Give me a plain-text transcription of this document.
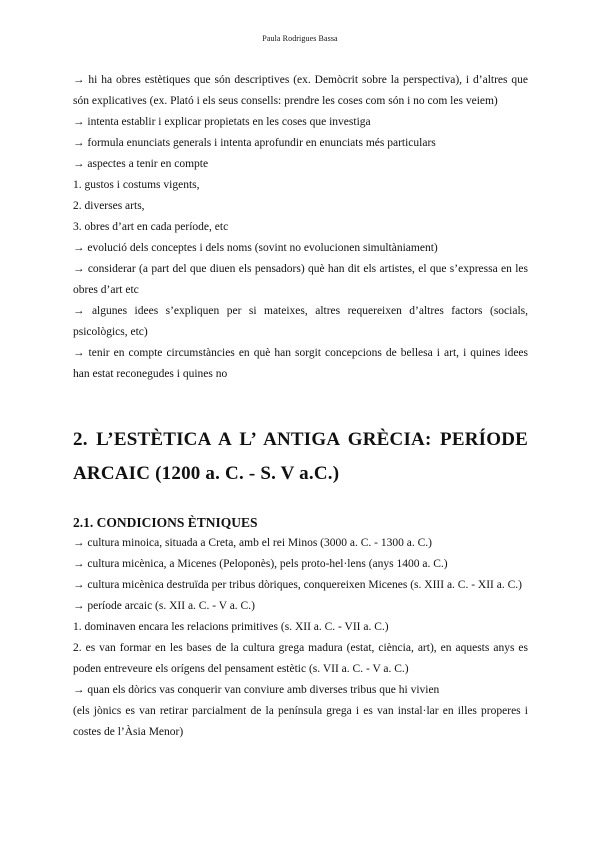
Paula Rodrigues Bassa
→ hi ha obres estètiques que són descriptives (ex. Demòcrit sobre la perspectiva), i d’altres que són explicatives (ex. Plató i els seus consells: prendre les coses com són i no com les veiem)
→ intenta establir i explicar propietats en les coses que investiga
→ formula enunciats generals i intenta aprofundir en enunciats més particulars
→ aspectes a tenir en compte
1. gustos i costums vigents,
2. diverses arts,
3. obres d’art en cada període, etc
→ evolució dels conceptes i dels noms (sovint no evolucionen simultàniament)
→ considerar (a part del que diuen els pensadors) què han dit els artistes, el que s’expressa en les obres d’art etc
→ algunes idees s’expliquen per si mateixes, altres requereixen d’altres factors (socials, psicològics, etc)
→ tenir en compte circumstàncies en què han sorgit concepcions de bellesa i art, i quines idees han estat reconegudes i quines no
2. L’ESTÈTICA A L’ ANTIGA GRÈCIA: PERÍODE ARCAIC (1200 a. C. - S. V a.C.)
2.1. CONDICIONS ÈTNIQUES
→ cultura minoica, situada a Creta, amb el rei Minos (3000 a. C. - 1300 a. C.)
→ cultura micènica, a Micenes (Peloponès), pels proto-hel·lens (anys 1400 a. C.)
→ cultura micènica destruïda per tribus dòriques, conquereixen Micenes (s. XIII a. C. - XII a. C.)
→ període arcaic (s. XII a. C. - V a. C.)
1. dominaven encara les relacions primitives (s. XII a. C. - VII a. C.)
2. es van formar en les bases de la cultura grega madura (estat, ciència, art), en aquests anys es poden entreveure els orígens del pensament estètic (s. VII a. C. - V a. C.)
→ quan els dòrics vas conquerir van conviure amb diverses tribus que hi vivien
(els jònics es van retirar parcialment de la península grega i es van instal·lar en illes properes i costes de l’Àsia Menor)
